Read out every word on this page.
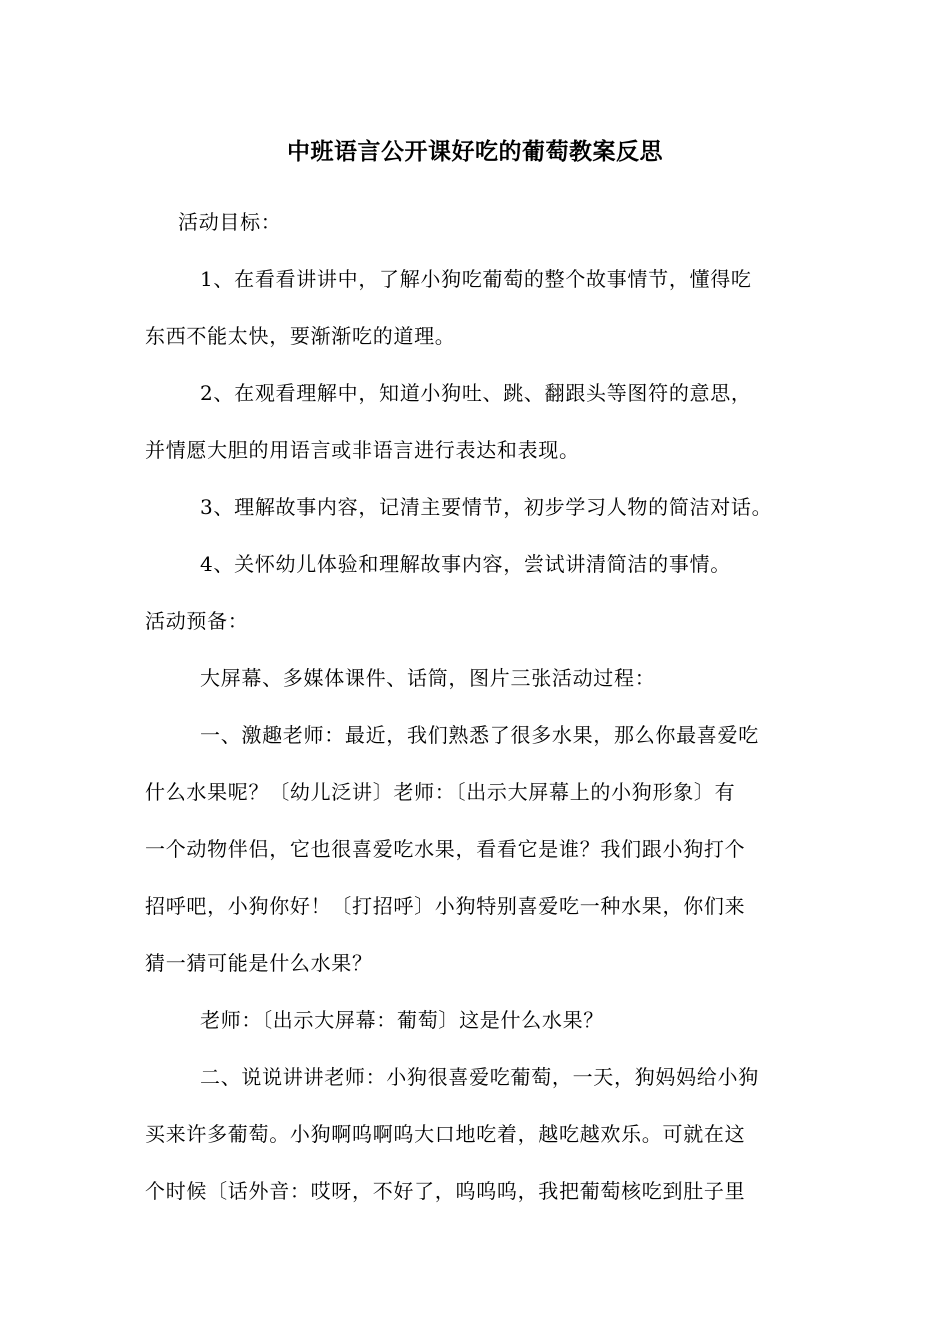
中班语言公开课好吃的葡萄教案反思
活动目标：
1、在看看讲讲中，了解小狗吃葡萄的整个故事情节，懂得吃
东西不能太快，要渐渐吃的道理。
2、在观看理解中，知道小狗吐、跳、翻跟头等图符的意思，
并情愿大胆的用语言或非语言进行表达和表现。
3、理解故事内容，记清主要情节，初步学习人物的简洁对话。
4、关怀幼儿体验和理解故事内容，尝试讲清简洁的事情。
活动预备：
大屏幕、多媒体课件、话筒，图片三张活动过程：
一、激趣老师：最近，我们熟悉了很多水果，那么你最喜爱吃
什么水果呢？〔幼儿泛讲〕老师：〔出示大屏幕上的小狗形象〕有
一个动物伴侣，它也很喜爱吃水果，看看它是谁？我们跟小狗打个
招呼吧，小狗你好！〔打招呼〕小狗特别喜爱吃一种水果，你们来
猜一猜可能是什么水果？
老师：〔出示大屏幕：葡萄〕这是什么水果？
二、说说讲讲老师：小狗很喜爱吃葡萄，一天，狗妈妈给小狗
买来许多葡萄。小狗啊呜啊呜大口地吃着，越吃越欢乐。可就在这
个时候〔话外音：哎呀，不好了，呜呜呜，我把葡萄核吃到肚子里
